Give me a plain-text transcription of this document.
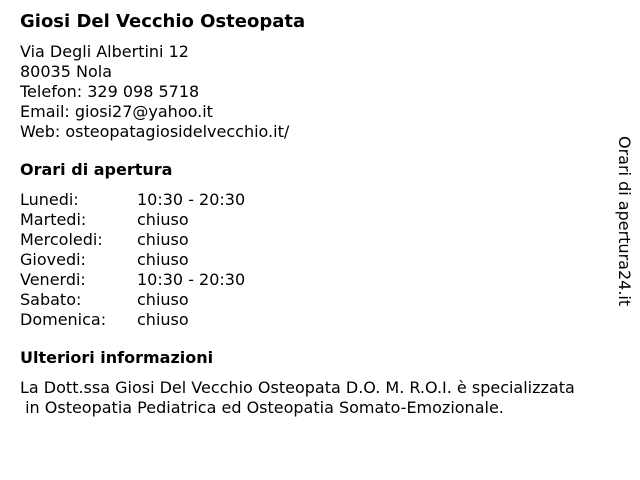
Giosi Del Vecchio Osteopata
Via Degli Albertini 12
80035 Nola
Telefon: 329 098 5718
Email: giosi27@yahoo.it
Web: osteopatagiosidelvecchio.it/
Orari di apertura
Lunedi:	10:30 - 20:30
Martedi:	chiuso
Mercoledi:	chiuso
Giovedi:	chiuso
Venerdi:	10:30 - 20:30
Sabato:	chiuso
Domenica:	chiuso
Ulteriori informazioni
La Dott.ssa Giosi Del Vecchio Osteopata D.O. M. R.O.I. è specializzata
in Osteopatia Pediatrica ed Osteopatia Somato-Emozionale.
Orari di apertura24.it
